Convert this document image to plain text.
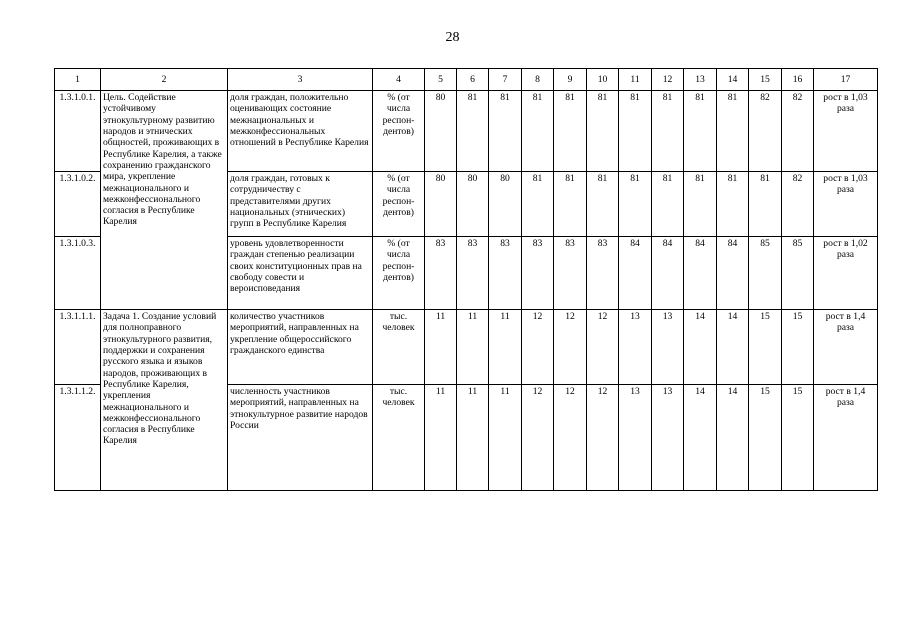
28
1	2	3	4	5	6	7	8	9	10	11	12	13	14	15	16	17
1.3.1.0.1.	Цель. Содействие устойчивому этнокультурному развитию народов и этнических общностей, проживающих в Республике Карелия, а также сохранению гражданского мира, укрепление межнационального и межконфессионального согласия в Республике Карелия	доля граждан, положительно оценивающих состояние межнациональных и межконфессиональных отношений в Республике Карелия	% (от числа респон-дентов)	80	81	81	81	81	81	81	81	81	81	82	82	рост в 1,03 раза
1.3.1.0.2.		доля граждан, готовых к сотрудничеству с представителями других национальных (этнических) групп в Республике Карелия	% (от числа респон-дентов)	80	80	80	81	81	81	81	81	81	81	81	82	рост в 1,03 раза
1.3.1.0.3.		уровень удовлетворенности граждан степенью реализации своих конституционных прав на свободу совести и вероисповедания	% (от числа респон-дентов)	83	83	83	83	83	83	84	84	84	84	85	85	рост в 1,02 раза
1.3.1.1.1.	Задача 1. Создание условий для полноправного этнокультурного развития, поддержки и сохранения русского языка и языков народов, проживающих в Республике Карелия, укрепления межнационального и межконфессионального согласия в Республике Карелия	количество участников мероприятий, направленных на укрепление общероссийского гражданского единства	тыс. человек	11	11	11	12	12	12	13	13	14	14	15	15	рост в 1,4 раза
1.3.1.1.2.		численность участников мероприятий, направленных на этнокультурное развитие народов России	тыс. человек	11	11	11	12	12	12	13	13	14	14	15	15	рост в 1,4 раза
